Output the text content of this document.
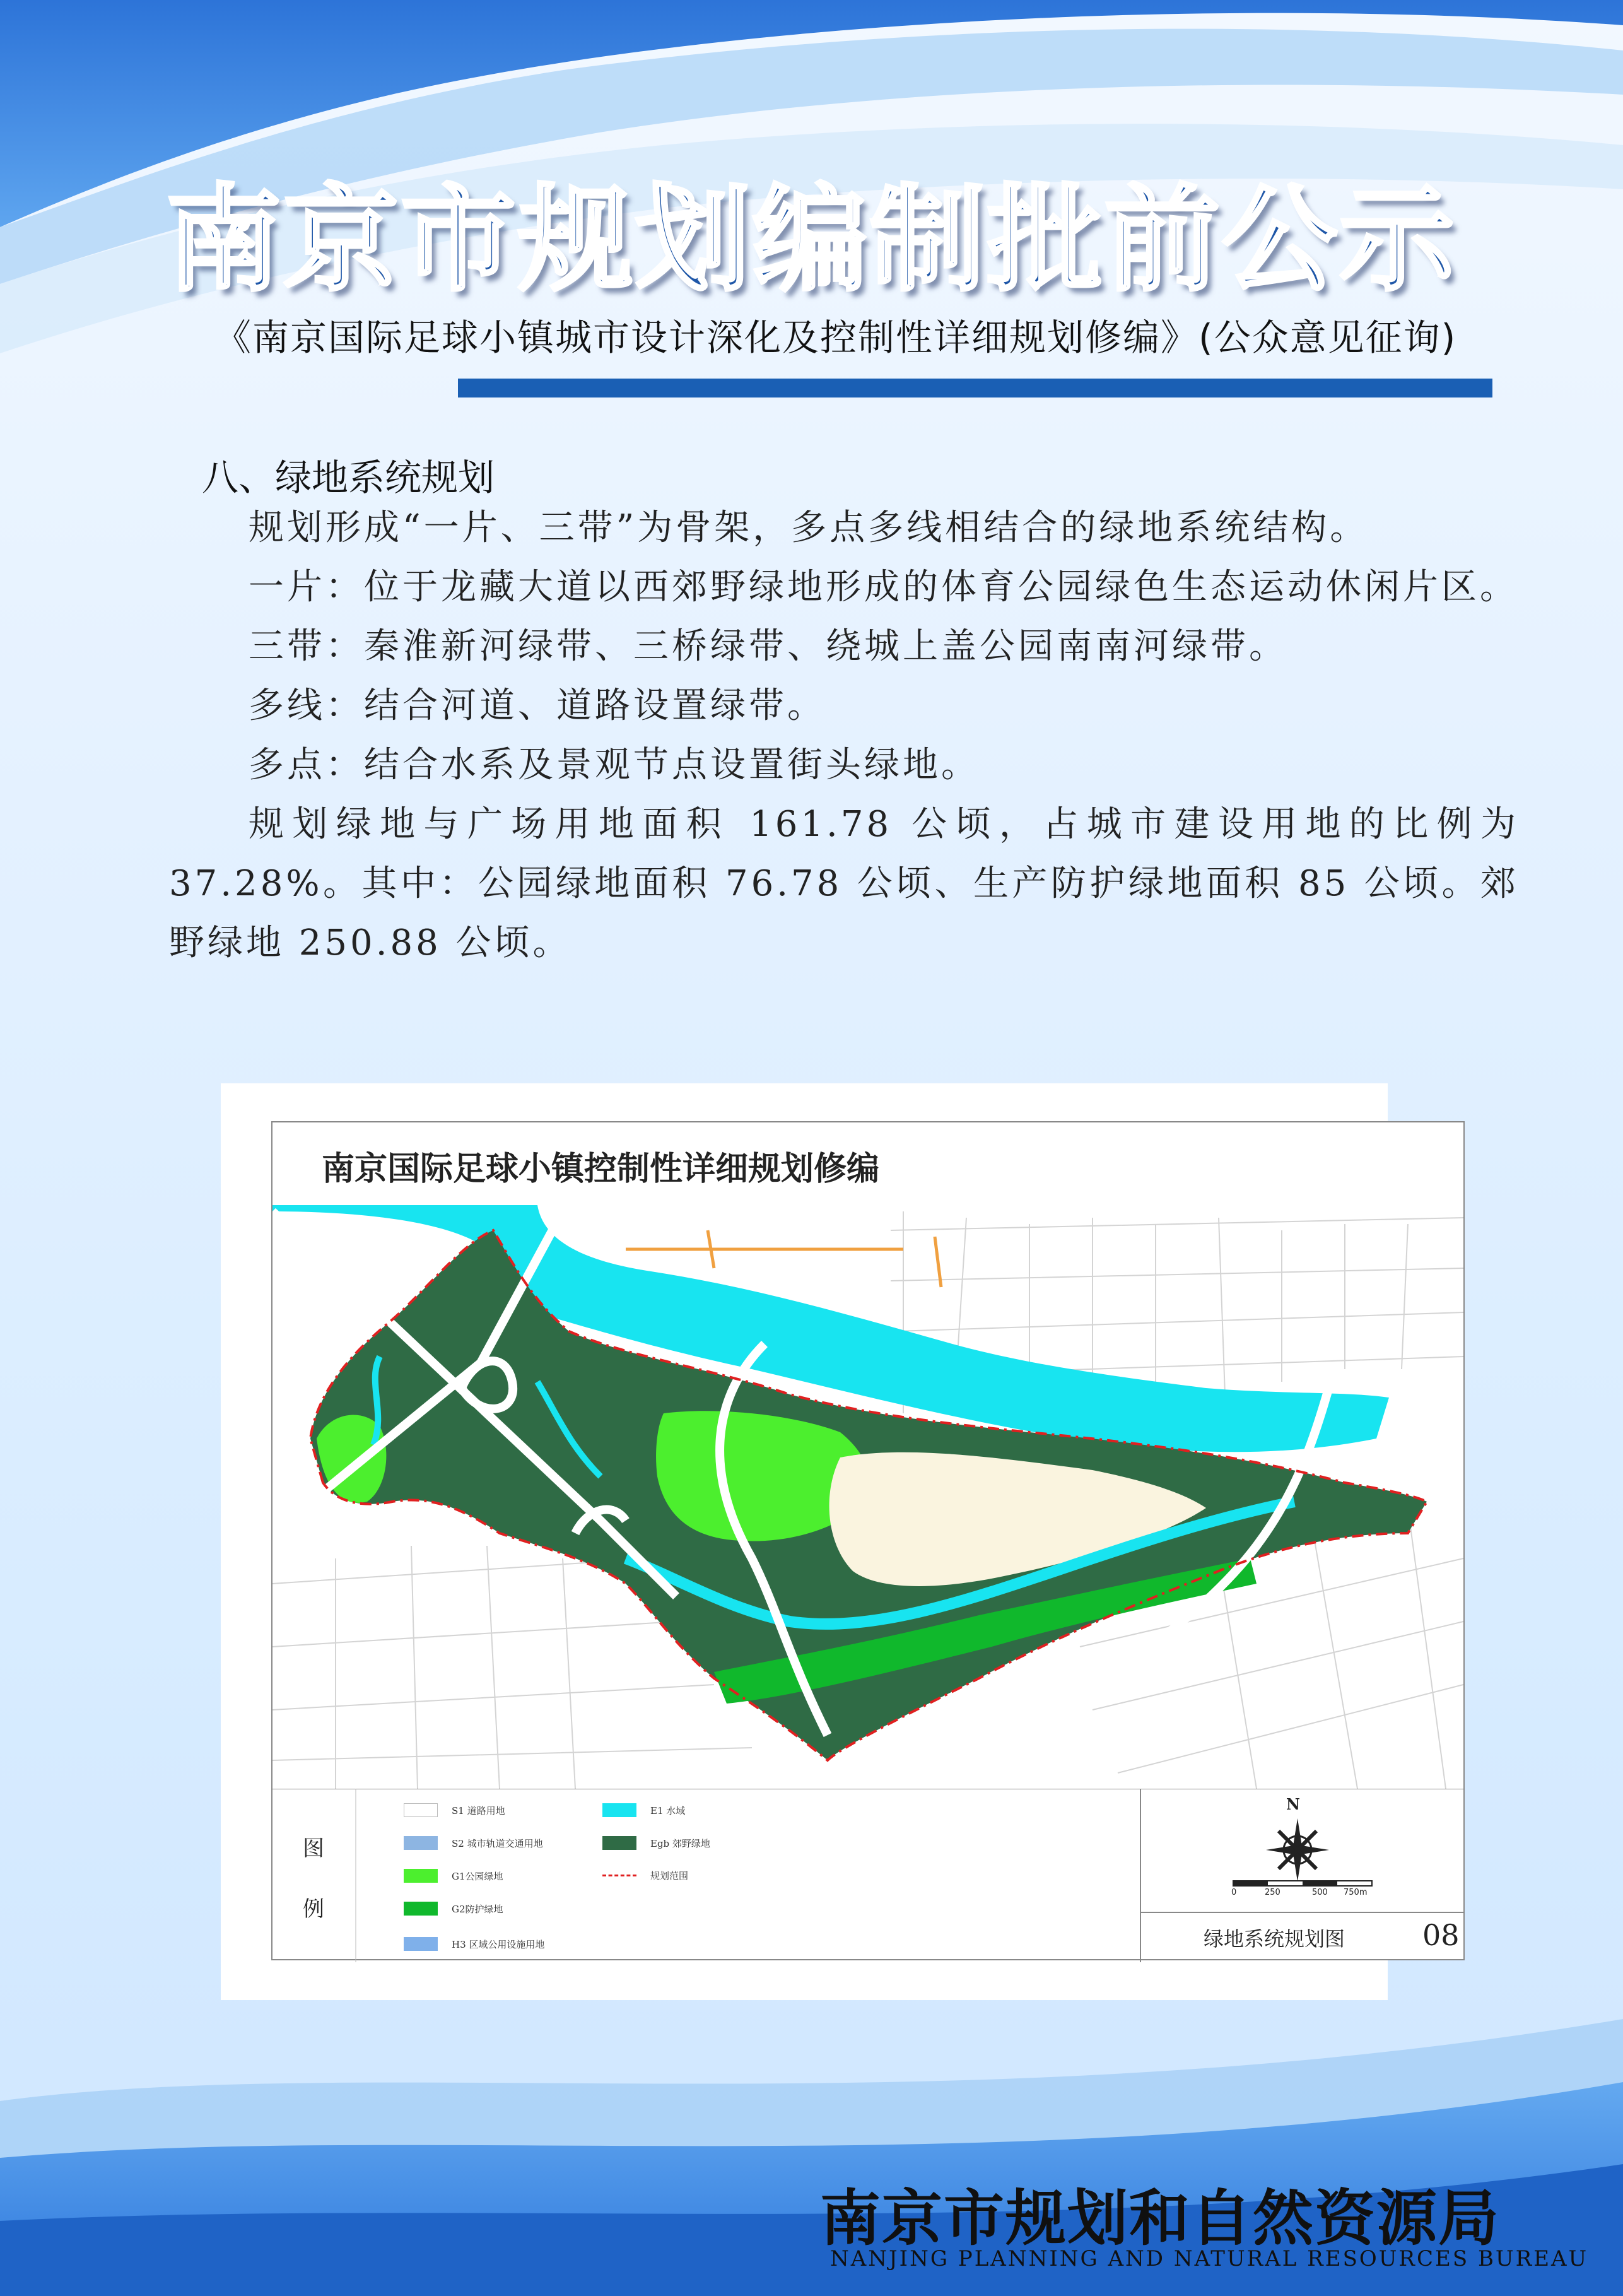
南京市规划编制批前公示
《南京国际足球小镇城市设计深化及控制性详细规划修编》(公众意见征询)
八、绿地系统规划

规划形成“一片、三带”为骨架，多点多线相结合的绿地系统结构。

一片：位于龙藏大道以西郊野绿地形成的体育公园绿色生态运动休闲片区。

三带：秦淮新河绿带、三桥绿带、绕城上盖公园南南河绿带。

多线：结合河道、道路设置绿带。

多点：结合水系及景观节点设置街头绿地。

规划绿地与广场用地面积 161.78 公顷，占城市建设用地的比例为 37.28%。其中：公园绿地面积 76.78 公顷、生产防护绿地面积 85 公顷。郊野绿地 250.88 公顷。

南京国际足球小镇控制性详细规划修编
图
例
S1 道路用地
S2 城市轨道交通用地
G1公园绿地
G2防护绿地
H3 区域公用设施用地
E1 水域
Egb 郊野绿地
规划范围
N
0	250	500 750m
绿地系统规划图	08
南京市规划和自然资源局
NANJING PLANNING AND NATURAL RESOURCES BUREAU
